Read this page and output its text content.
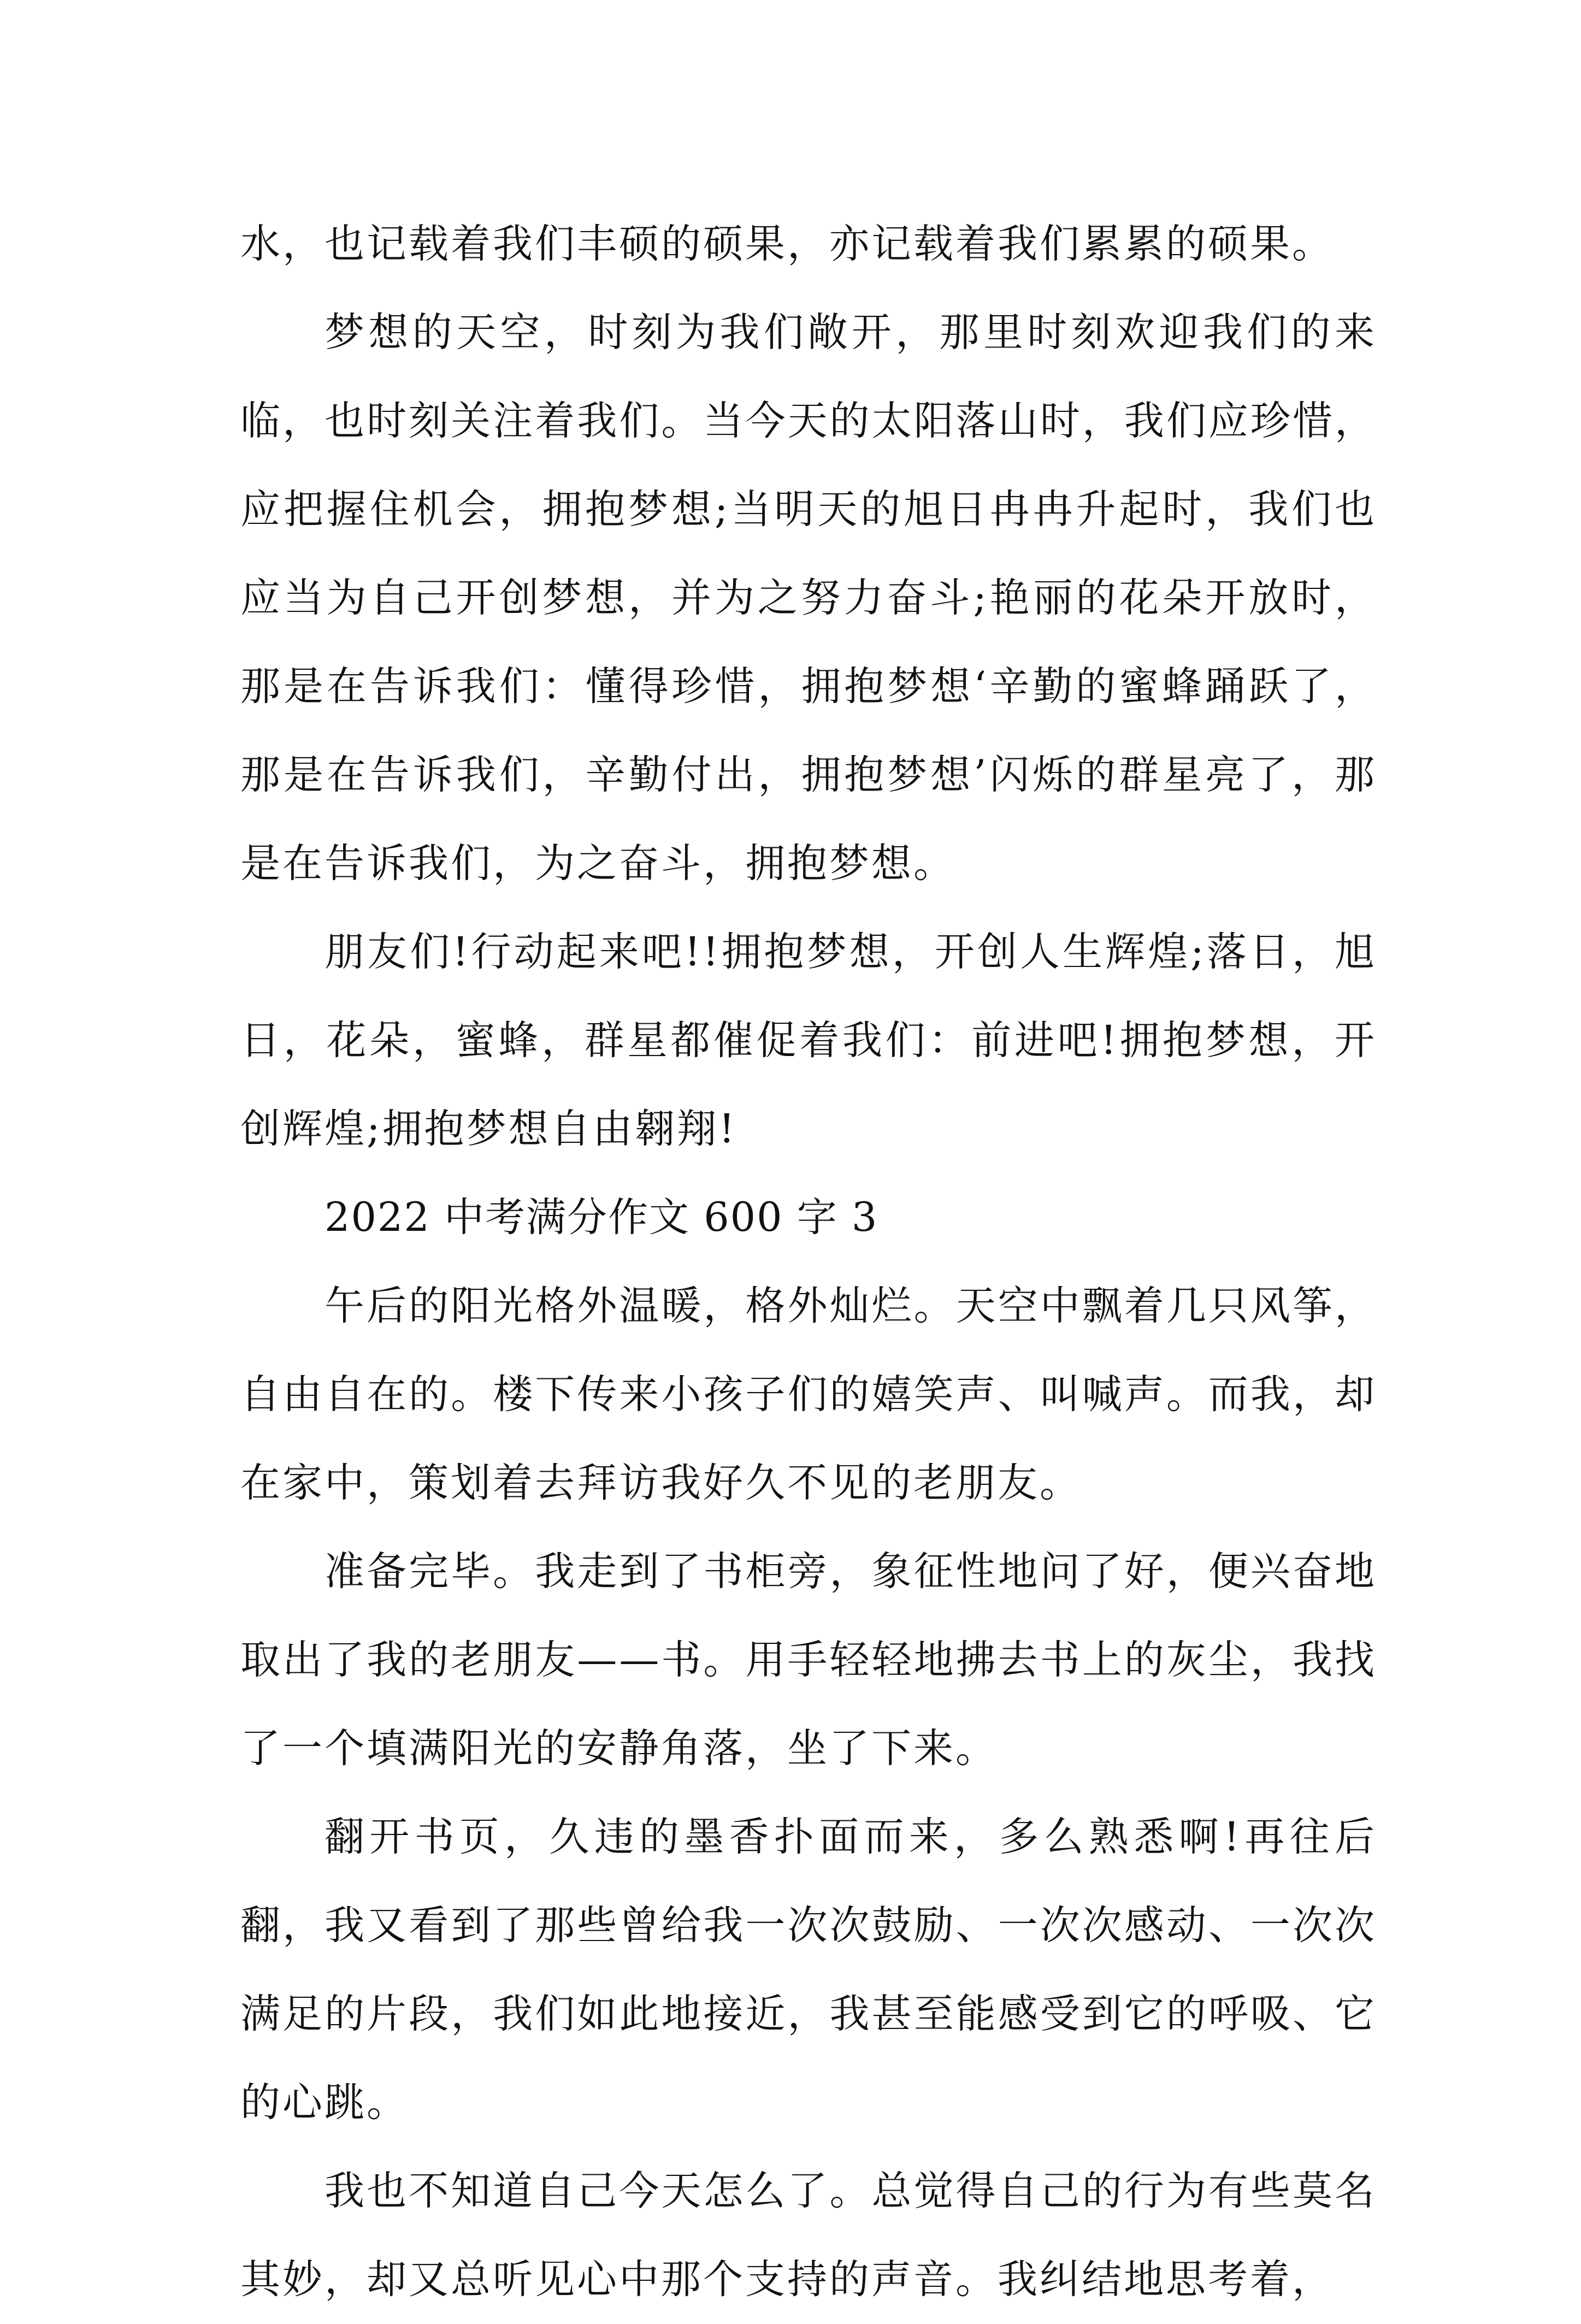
水，也记载着我们丰硕的硕果，亦记载着我们累累的硕果。

梦想的天空，时刻为我们敞开，那里时刻欢迎我们的来临，也时刻关注着我们。当今天的太阳落山时，我们应珍惜，应把握住机会，拥抱梦想;当明天的旭日冉冉升起时，我们也应当为自己开创梦想，并为之努力奋斗;艳丽的花朵开放时，那是在告诉我们：懂得珍惜，拥抱梦想‘辛勤的蜜蜂踊跃了，那是在告诉我们，辛勤付出，拥抱梦想’闪烁的群星亮了，那是在告诉我们，为之奋斗，拥抱梦想。

朋友们!行动起来吧!!拥抱梦想，开创人生辉煌;落日，旭日，花朵，蜜蜂，群星都催促着我们：前进吧!拥抱梦想，开创辉煌;拥抱梦想自由翱翔!

2022 中考满分作文 600 字 3

午后的阳光格外温暖，格外灿烂。天空中飘着几只风筝，自由自在的。楼下传来小孩子们的嬉笑声、叫喊声。而我，却在家中，策划着去拜访我好久不见的老朋友。

准备完毕。我走到了书柜旁，象征性地问了好，便兴奋地取出了我的老朋友——书。用手轻轻地拂去书上的灰尘，我找了一个填满阳光的安静角落，坐了下来。

翻开书页，久违的墨香扑面而来，多么熟悉啊!再往后翻，我又看到了那些曾给我一次次鼓励、一次次感动、一次次满足的片段，我们如此地接近，我甚至能感受到它的呼吸、它的心跳。

我也不知道自己今天怎么了。总觉得自己的行为有些莫名其妙，却又总听见心中那个支持的声音。我纠结地思考着，
